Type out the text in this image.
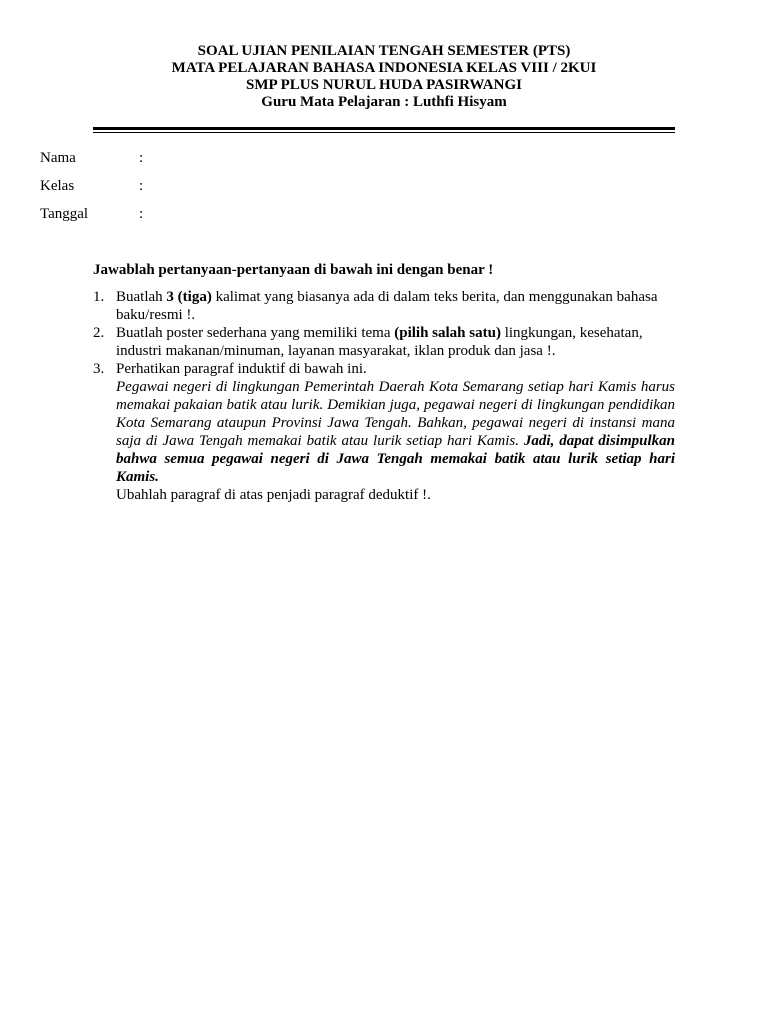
SOAL UJIAN PENILAIAN TENGAH SEMESTER (PTS)
MATA PELAJARAN BAHASA INDONESIA KELAS VIII / 2KUI
SMP PLUS NURUL HUDA PASIRWANGI
Guru Mata Pelajaran : Luthfi Hisyam
Nama	:
Kelas	:
Tanggal	:
Jawablah pertanyaan-pertanyaan di bawah ini dengan benar !
1. Buatlah 3 (tiga) kalimat yang biasanya ada di dalam teks berita, dan menggunakan bahasa baku/resmi !.
2. Buatlah poster sederhana yang memiliki tema (pilih salah satu) lingkungan, kesehatan, industri makanan/minuman, layanan masyarakat, iklan produk dan jasa !.
3. Perhatikan paragraf induktif di bawah ini.
Pegawai negeri di lingkungan Pemerintah Daerah Kota Semarang setiap hari Kamis harus memakai pakaian batik atau lurik. Demikian juga, pegawai negeri di lingkungan pendidikan Kota Semarang ataupun Provinsi Jawa Tengah. Bahkan, pegawai negeri di instansi mana saja di Jawa Tengah memakai batik atau lurik setiap hari Kamis. Jadi, dapat disimpulkan bahwa semua pegawai negeri di Jawa Tengah memakai batik atau lurik setiap hari Kamis.
Ubahlah paragraf di atas penjadi paragraf deduktif !.
